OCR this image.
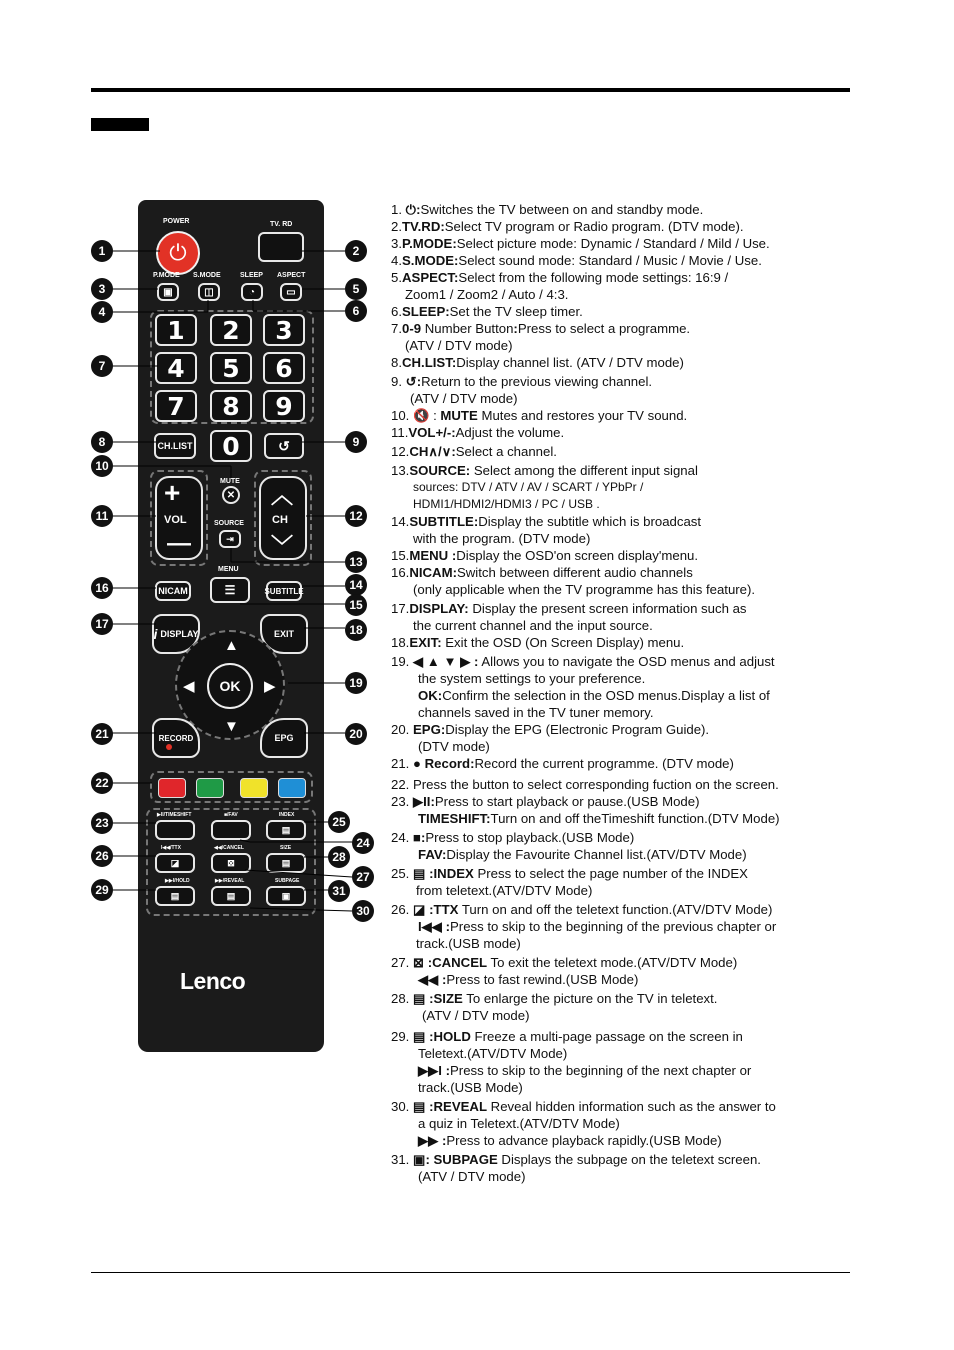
POWER
⏻
TV. RD
P.MODE S.MODE	SLEEP ASPECT
▣	◫	◔	▭
1	2	3
4	5	6
7	8	9
0
CH.LIST	↺
MUTE
✕
+
VOL
—
︿
CH
﹀
SOURCE
⇥
MENU
☰
NICAM	SUBTITLE
i DISPLAY	EXIT
▲
▼
◀	▶
OK
RECORD	EPG
▶II/TIMESHIFT	■/FAV	INDEX
▤
I◀◀/TTX	◀◀/CANCEL	SIZE
◪	⊠	▤
▶▶I/HOLD	▶▶/REVEAL	SUBPAGE
▤	▤	▣
Lenco
1	2
3
4
5
6
7
8	9
10
11	12
13
14
15
16
17	18
19
20
21
22
23
24
25
26
27
28
29
30
31

1. ⏻:Switches the TV between on and standby mode.

2.TV.RD:Select TV program or Radio program. (DTV mode).

3.P.MODE:Select picture mode: Dynamic / Standard / Mild / Use.

4.S.MODE:Select sound mode: Standard / Music / Movie / Use.

5.ASPECT:Select from the following mode settings: 16:9 /

Zoom1 / Zoom2 / Auto / 4:3.

6.SLEEP:Set the TV sleep timer.

7.0-9 Number Button:Press to select a programme.

(ATV / DTV mode)

8.CH.LIST:Display channel list. (ATV / DTV mode)

9. ↺:Return to the previous viewing channel.

(ATV / DTV mode)

10. 🔇 : MUTE Mutes and restores your TV sound.

11.VOL+/-:Adjust the volume.

12.CH∧/∨:Select a channel.

13.SOURCE: Select among the different input signal

sources: DTV / ATV / AV / SCART / YPbPr /

HDMI1/HDMI2/HDMI3 / PC / USB .

14.SUBTITLE:Display the subtitle which is broadcast

with the program. (DTV mode)

15.MENU :Display the OSD'on screen display'menu.

16.NICAM:Switch between different audio channels

(only applicable when the TV programme has this feature).

17.DISPLAY: Display the present screen information such as

the current channel and the input source.

18.EXIT: Exit the OSD (On Screen Display) menu.

19. ◀ ▲ ▼ ▶ : Allows you to navigate the OSD menus and adjust

the system settings to your preference.

OK:Confirm the selection in the OSD menus.Display a list of

channels saved in the TV tuner memory.

20. EPG:Display the EPG (Electronic Program Guide).

(DTV mode)

21. ● Record:Record the current programme. (DTV mode)

22. Press the button to select corresponding fuction on the screen.

23. ▶II:Press to start playback or pause.(USB Mode)

TIMESHIFT:Turn on and off theTimeshift function.(DTV Mode)

24. ■:Press to stop playback.(USB Mode)

FAV:Display the Favourite Channel list.(ATV/DTV Mode)

25. ▤ :INDEX Press to select the page number of the INDEX

from teletext.(ATV/DTV Mode)

26. ◪ :TTX Turn on and off the teletext function.(ATV/DTV Mode)

I◀◀ :Press to skip to the beginning of the previous chapter or

track.(USB mode)

27. ⊠ :CANCEL To exit the teletext mode.(ATV/DTV Mode)

◀◀ :Press to fast rewind.(USB Mode)

28. ▤ :SIZE To enlarge the picture on the TV in teletext.

(ATV / DTV mode)

29. ▤ :HOLD Freeze a multi-page passage on the screen in

Teletext.(ATV/DTV Mode)

▶▶I :Press to skip to the beginning of the next chapter or

track.(USB Mode)

30. ▤ :REVEAL Reveal hidden information such as the answer to

a quiz in Teletext.(ATV/DTV Mode)

▶▶ :Press to advance playback rapidly.(USB Mode)

31. ▣: SUBPAGE Displays the subpage on the teletext screen.

(ATV / DTV mode)
